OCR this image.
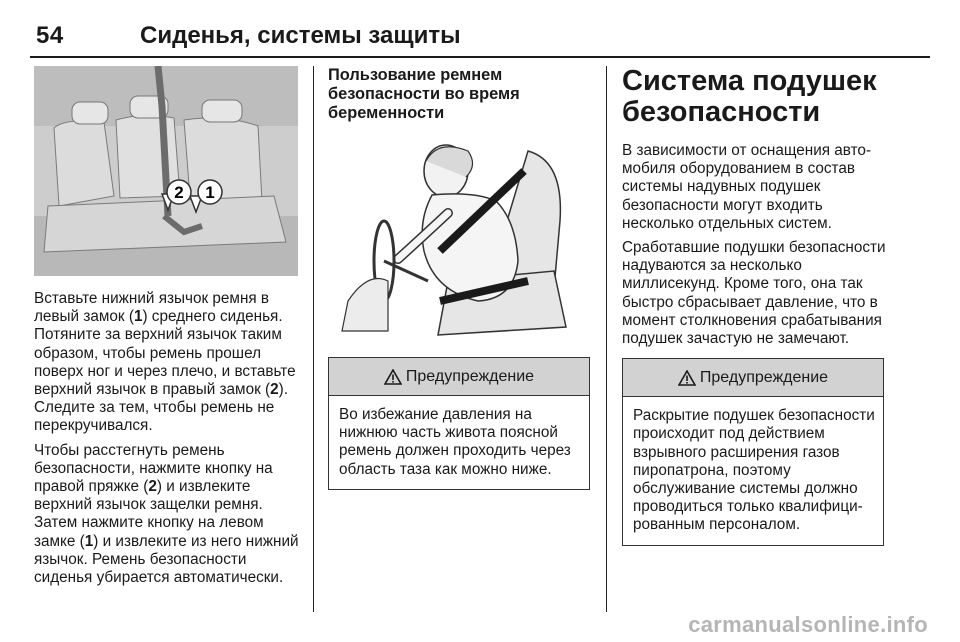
54	Сиденья, системы защиты
2 1

Вставьте нижний язычок ремня в левый замок (1) среднего сиденья. Потяните за верхний язычок таким образом, чтобы ремень прошел поверх ног и через плечо, и вставьте верхний язычок в правый замок (2). Следите за тем, чтобы ремень не перекручивался.

Чтобы расстегнуть ремень безопасности, нажмите кнопку на правой пряжке (2) и извлеките верхний язычок защелки ремня. Затем нажмите кнопку на левом замке (1) и извлеките из него нижний язычок. Ремень безопасности сиденья убирается автоматически.

Пользование ремнем безопасности во время беременности
Предупреждение
Во избежание давления на нижнюю часть живота поясной ремень должен проходить через область таза как можно ниже.
Система подушек безопасности

В зависимости от оснащения автомобиля оборудованием в состав системы надувных подушек безопасности могут входить несколько отдельных систем.

Сработавшие подушки безопасности надуваются за несколько миллисекунд. Кроме того, она так быстро сбрасывает давление, что в момент столкновения срабатывания подушек зачастую не замечают.

Предупреждение
Раскрытие подушек безопасности происходит под действием взрывного расширения газов пиропатрона, поэтому обслуживание системы должно проводиться только квалифицированным персоналом.
carmanualsonline.info
